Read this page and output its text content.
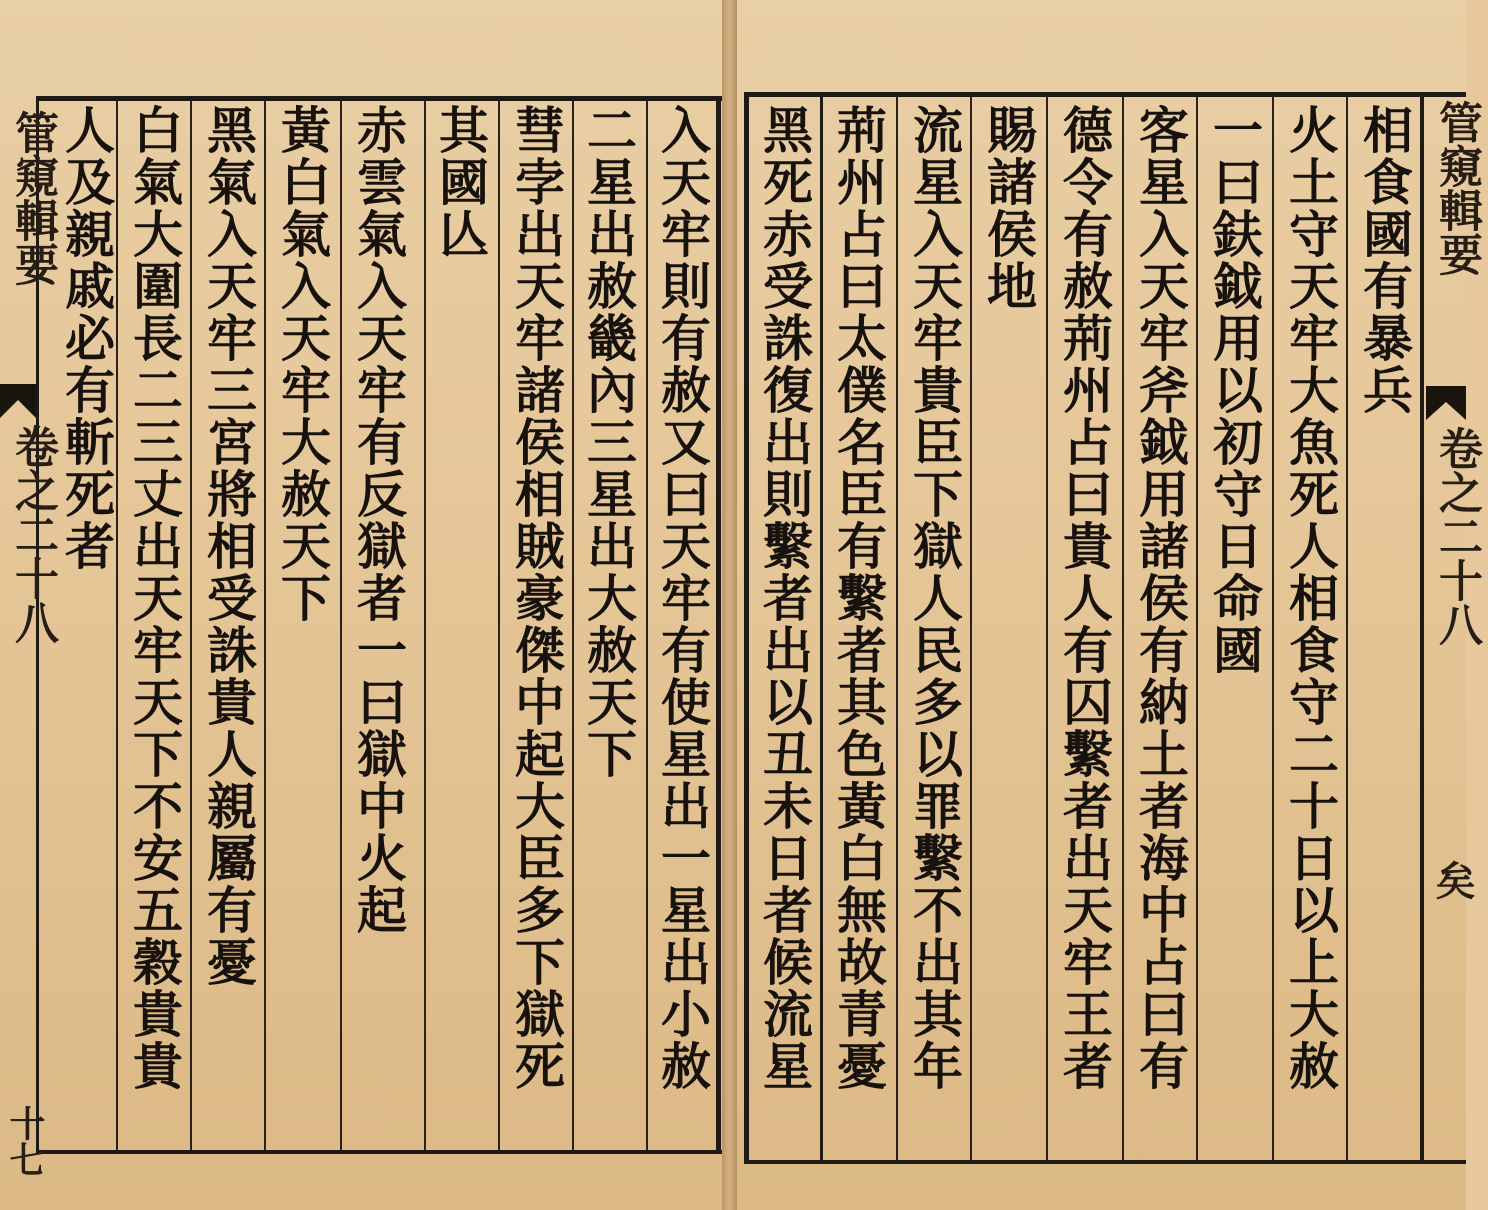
入天牢則有赦又曰天牢有使星出一星出小赦
二星出赦畿內三星出大赦天下
彗孛出天牢諸侯相賊豪傑中起大臣多下獄死
其國亾
赤雲氣入天牢有反獄者一曰獄中火起
黃白氣入天牢大赦天下
黑氣入天牢三宮將相受誅貴人親屬有憂
白氣大圍長二三丈出天牢天下不安五穀貴貴
人及親戚必有斬死者
管窺輯要
卷之二十八
十七
相食國有暴兵
火土守天牢大魚死人相食守二十日以上大赦
一曰鈇鉞用以初守日命國
客星入天牢斧鉞用諸侯有納土者海中占曰有
德令有赦荊州占曰貴人有囚繫者出天牢王者
賜諸侯地
流星入天牢貴臣下獄人民多以罪繫不出其年
荊州占曰太僕名臣有繫者其色黃白無故青憂
黑死赤受誅復出則繫者出以丑未日者候流星	管窺輯要
卷之二十八
矣
